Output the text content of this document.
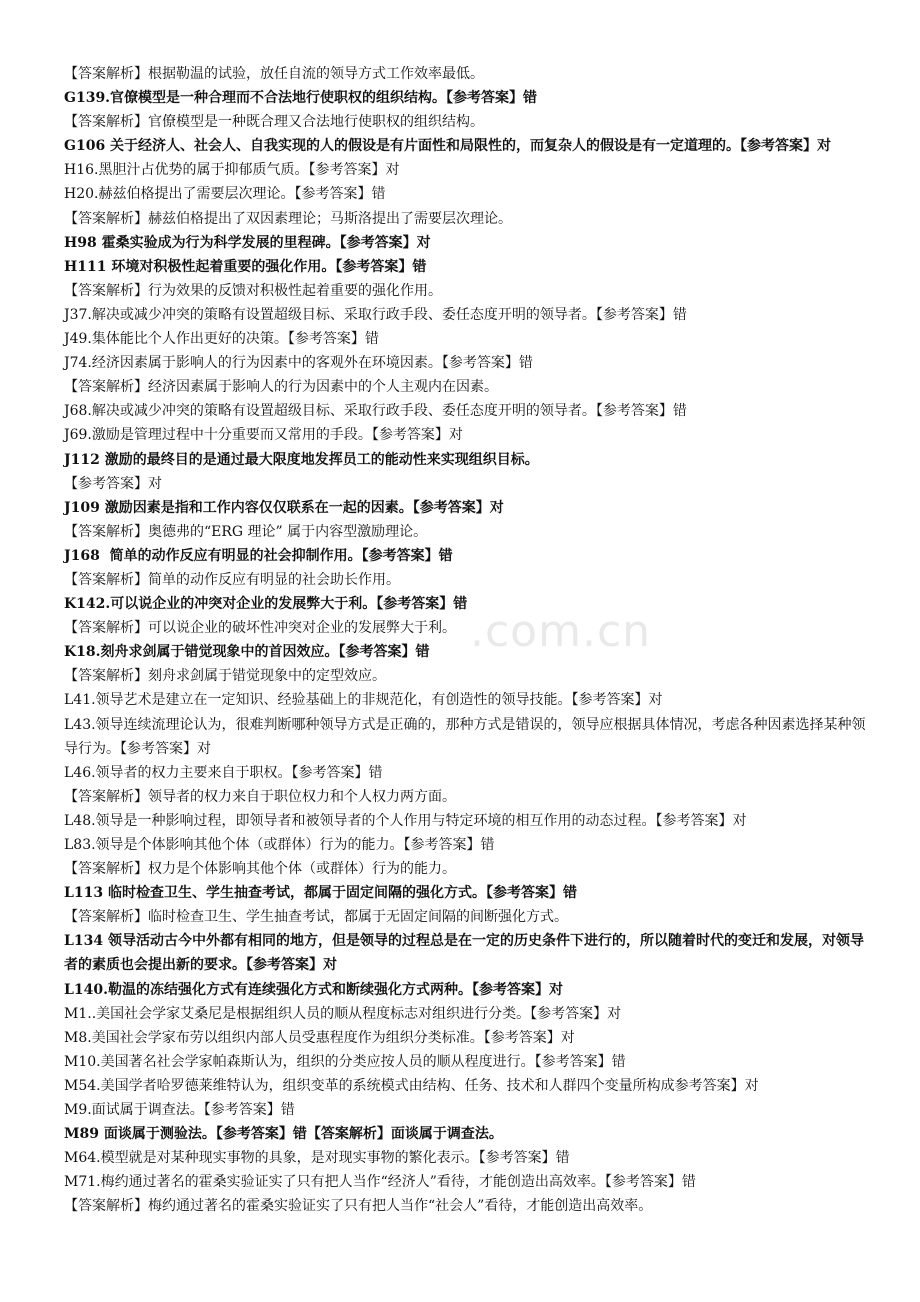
【答案解析】根据勒温的试验，放任自流的领导方式工作效率最低。
G139.官僚模型是一种合理而不合法地行使职权的组织结构。【参考答案】错
【答案解析】官僚模型是一种既合理又合法地行使职权的组织结构。
G106 关于经济人、社会人、自我实现的人的假设是有片面性和局限性的，而复杂人的假设是有一定道理的。【参考答案】对
H16.黑胆汁占优势的属于抑郁质气质。【参考答案】对
H20.赫兹伯格提出了需要层次理论。【参考答案】错
【答案解析】赫兹伯格提出了双因素理论；马斯洛提出了需要层次理论。
H98 霍桑实验成为行为科学发展的里程碑。【参考答案】对
H111 环境对积极性起着重要的强化作用。【参考答案】错
【答案解析】行为效果的反馈对积极性起着重要的强化作用。
J37.解决或减少冲突的策略有设置超级目标、采取行政手段、委任态度开明的领导者。【参考答案】错
J49.集体能比个人作出更好的决策。【参考答案】错
J74.经济因素属于影响人的行为因素中的客观外在环境因素。【参考答案】错
【答案解析】经济因素属于影响人的行为因素中的个人主观内在因素。
J68.解决或减少冲突的策略有设置超级目标、采取行政手段、委任态度开明的领导者。【参考答案】错
J69.激励是管理过程中十分重要而又常用的手段。【参考答案】对
J112 激励的最终目的是通过最大限度地发挥员工的能动性来实现组织目标。
【参考答案】对
J109 激励因素是指和工作内容仅仅联系在一起的因素。【参考答案】对
【答案解析】奥德弗的“ERG 理论” 属于内容型激励理论。
J168  简单的动作反应有明显的社会抑制作用。【参考答案】错
【答案解析】简单的动作反应有明显的社会助长作用。
K142.可以说企业的冲突对企业的发展弊大于利。【参考答案】错
【答案解析】可以说企业的破坏性冲突对企业的发展弊大于利。
K18.刻舟求剑属于错觉现象中的首因效应。【参考答案】错
【答案解析】刻舟求剑属于错觉现象中的定型效应。
L41.领导艺术是建立在一定知识、经验基础上的非规范化，有创造性的领导技能。【参考答案】对
L43.领导连续流理论认为，很难判断哪种领导方式是正确的，那种方式是错误的，领导应根据具体情况，考虑各种因素选择某种领导行为。【参考答案】对
L46.领导者的权力主要来自于职权。【参考答案】错
【答案解析】领导者的权力来自于职位权力和个人权力两方面。
L48.领导是一种影响过程，即领导者和被领导者的个人作用与特定环境的相互作用的动态过程。【参考答案】对
L83.领导是个体影响其他个体（或群体）行为的能力。【参考答案】错
【答案解析】权力是个体影响其他个体（或群体）行为的能力。
L113 临时检查卫生、学生抽查考试，都属于固定间隔的强化方式。【参考答案】错
【答案解析】临时检查卫生、学生抽查考试，都属于无固定间隔的间断强化方式。
L134 领导活动古今中外都有相同的地方，但是领导的过程总是在一定的历史条件下进行的，所以随着时代的变迁和发展，对领导者的素质也会提出新的要求。【参考答案】对
L140.勒温的冻结强化方式有连续强化方式和断续强化方式两种。【参考答案】对
M1..美国社会学家艾桑尼是根据组织人员的顺从程度标志对组织进行分类。【参考答案】对
M8.美国社会学家布劳以组织内部人员受惠程度作为组织分类标准。【参考答案】对
M10.美国著名社会学家帕森斯认为，组织的分类应按人员的顺从程度进行。【参考答案】错
M54.美国学者哈罗德莱维特认为，组织变革的系统模式由结构、任务、技术和人群四个变量所构成参考答案】对
M9.面试属于调查法。【参考答案】错
M89 面谈属于测验法。【参考答案】错【答案解析】面谈属于调查法。
M64.模型就是对某种现实事物的具象，是对现实事物的繁化表示。【参考答案】错
M71.梅约通过著名的霍桑实验证实了只有把人当作“经济人”看待，才能创造出高效率。【参考答案】错
【答案解析】梅约通过著名的霍桑实验证实了只有把人当作“社会人”看待，才能创造出高效率。
.com.cn
